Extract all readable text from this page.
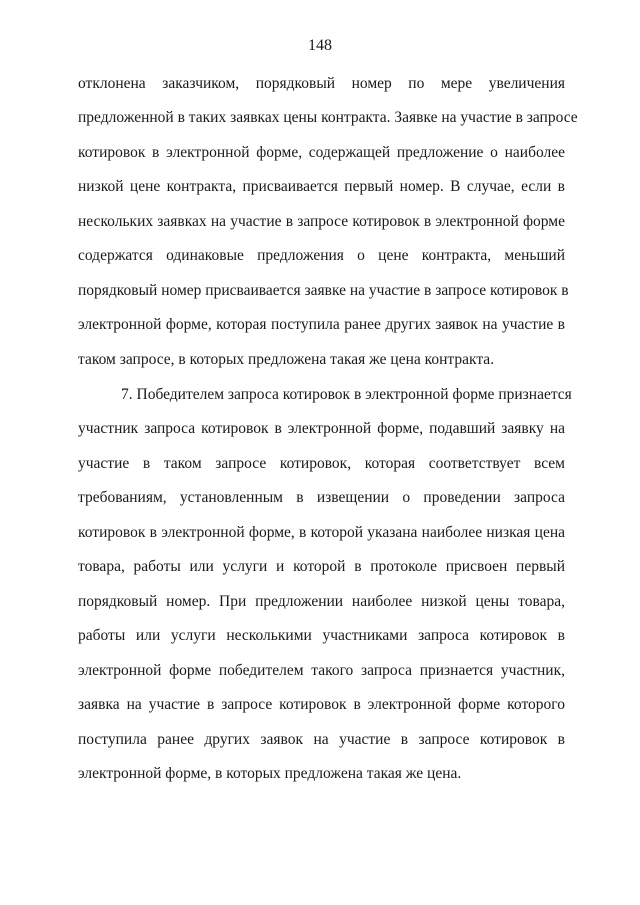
148
отклонена заказчиком, порядковый номер по мере увеличения
предложенной в таких заявках цены контракта. Заявке на участие в запросе
котировок в электронной форме, содержащей предложение о наиболее
низкой цене контракта, присваивается первый номер. В случае, если в
нескольких заявках на участие в запросе котировок в электронной форме
содержатся одинаковые предложения о цене контракта, меньший
порядковый номер присваивается заявке на участие в запросе котировок в
электронной форме, которая поступила ранее других заявок на участие в
таком запросе, в которых предложена такая же цена контракта.
7. Победителем запроса котировок в электронной форме признается
участник запроса котировок в электронной форме, подавший заявку на
участие в таком запросе котировок, которая соответствует всем
требованиям, установленным в извещении о проведении запроса
котировок в электронной форме, в которой указана наиболее низкая цена
товара, работы или услуги и которой в протоколе присвоен первый
порядковый номер. При предложении наиболее низкой цены товара,
работы или услуги несколькими участниками запроса котировок в
электронной форме победителем такого запроса признается участник,
заявка на участие в запросе котировок в электронной форме которого
поступила ранее других заявок на участие в запросе котировок в
электронной форме, в которых предложена такая же цена.
